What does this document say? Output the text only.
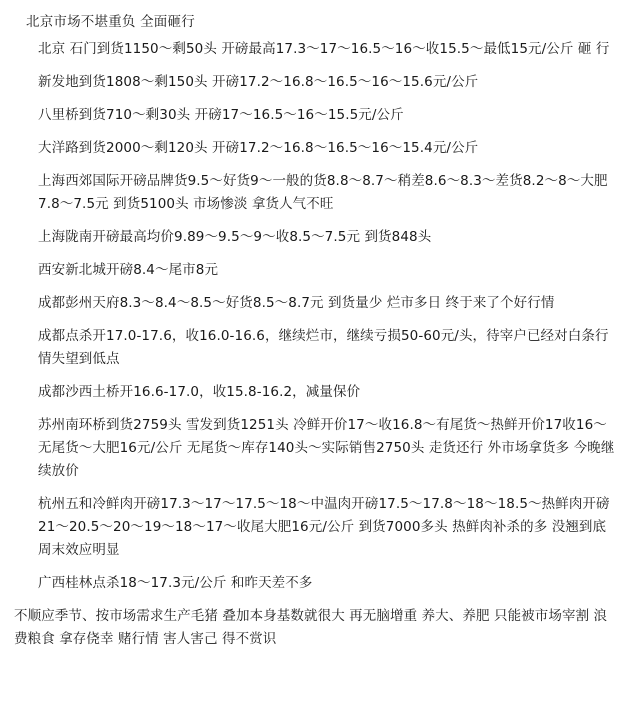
北京市场不堪重负 全面砸行
北京 石门到货1150～剩50头 开磅最高17.3～17～16.5～16～收15.5～最低15元/公斤 砸 行
新发地到货1808～剩150头 开磅17.2～16.8～16.5～16～15.6元/公斤
八里桥到货710～剩30头 开磅17～16.5～16～15.5元/公斤
大洋路到货2000～剩120头 开磅17.2～16.8～16.5～16～15.4元/公斤
上海西郊国际开磅品牌货9.5～好货9～一般的货8.8～8.7～稍差8.6～8.3～差货8.2～8～大肥7.8～7.5元 到货5100头 市场惨淡 拿货人气不旺
上海陇南开磅最高均价9.89～9.5～9～收8.5～7.5元 到货848头
西安新北城开磅8.4～尾市8元
成都彭州天府8.3～8.4～8.5～好货8.5～8.7元 到货量少 烂市多日 终于来了个好行情
成都点杀开17.0-17.6，收16.0-16.6，继续烂市，继续亏损50-60元/头，待宰户已经对白条行情失望到低点
成都沙西土桥开16.6-17.0，收15.8-16.2，减量保价
苏州南环桥到货2759头 雪发到货1251头 冷鲜开价17～收16.8～有尾货～热鲜开价17收16～无尾货～大肥16元/公斤 无尾货～库存140头～实际销售2750头 走货还行 外市场拿货多 今晚继续放价
杭州五和冷鲜肉开磅17.3～17～17.5～18～中温肉开磅17.5～17.8～18～18.5～热鲜肉开磅21～20.5～20～19～18～17～收尾大肥16元/公斤 到货7000多头 热鲜肉补杀的多 没翘到底 周末效应明显
广西桂林点杀18～17.3元/公斤 和昨天差不多
不顺应季节、按市场需求生产毛猪 叠加本身基数就很大 再无脑增重 养大、养肥 只能被市场宰割 浪费粮食 拿存侥幸 赌行情 害人害己 得不赏识
